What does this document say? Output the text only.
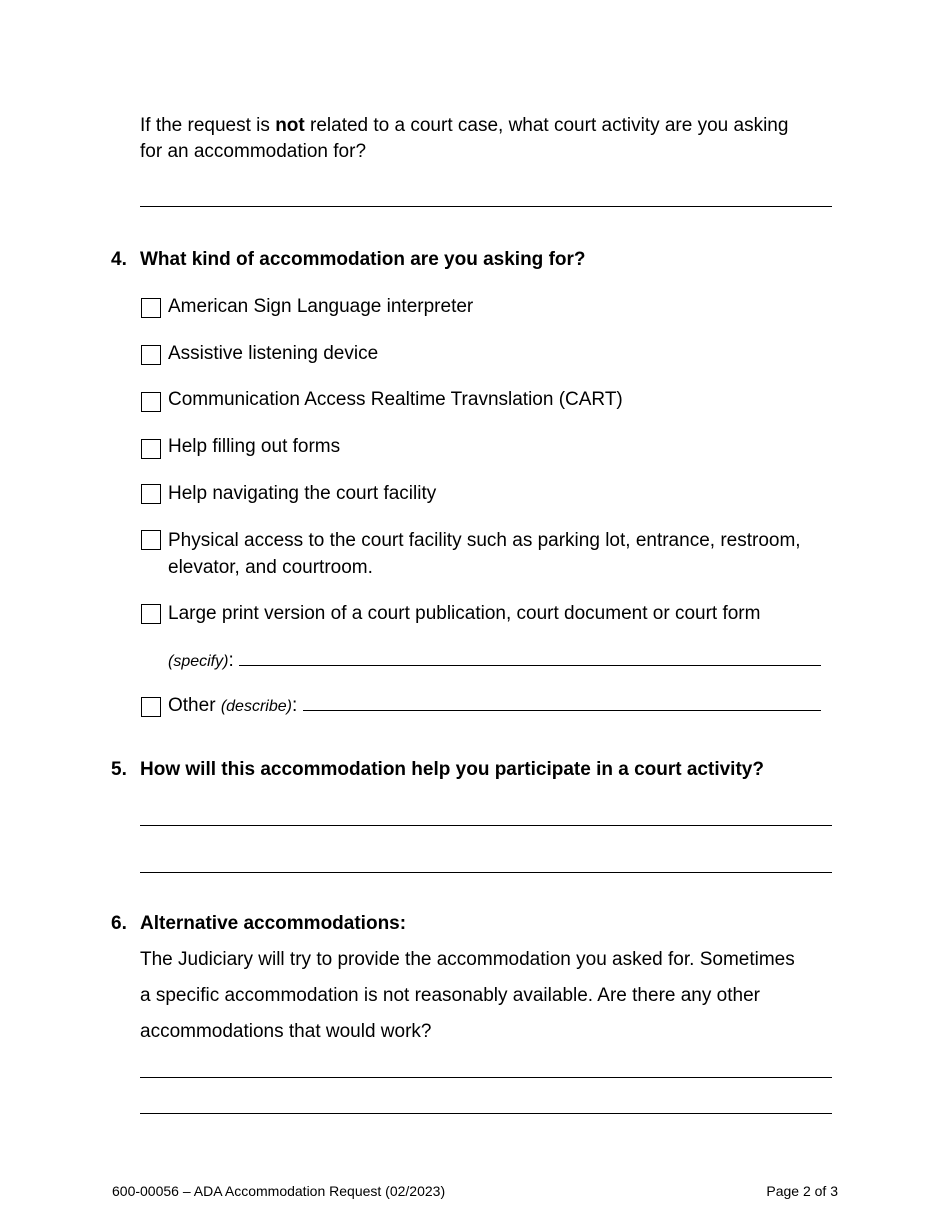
If the request is not related to a court case, what court activity are you asking
for an accommodation for?
4. What kind of accommodation are you asking for?
American Sign Language interpreter
Assistive listening device
Communication Access Realtime Travnslation (CART)
Help filling out forms
Help navigating the court facility
Physical access to the court facility such as parking lot, entrance, restroom,
elevator, and courtroom.
Large print version of a court publication, court document or court form
(specify):
Other (describe):
5. How will this accommodation help you participate in a court activity?
6. Alternative accommodations:
The Judiciary will try to provide the accommodation you asked for. Sometimes
a specific accommodation is not reasonably available. Are there any other
accommodations that would work?
600-00056 – ADA Accommodation Request (02/2023)	Page 2 of 3
